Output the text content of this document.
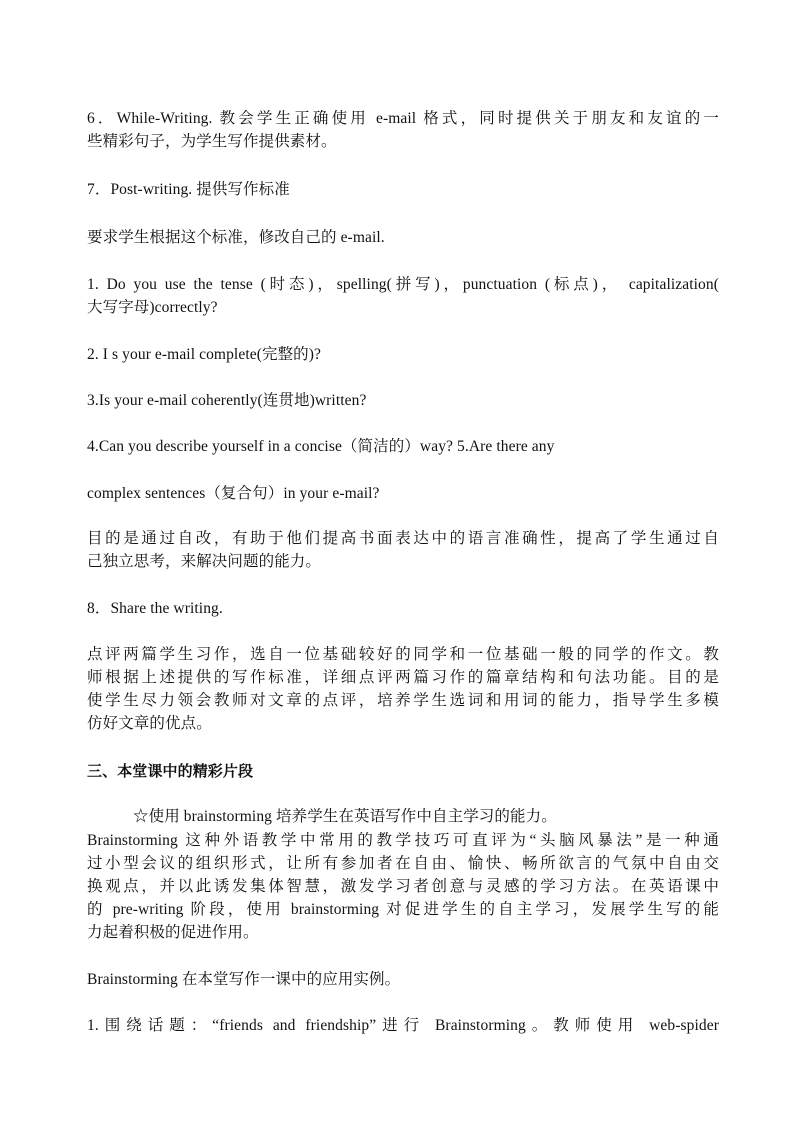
6．While-Writing. 教会学生正确使用 e-mail 格式，同时提供关于朋友和友谊的一
些精彩句子，为学生写作提供素材。
7．Post-writing. 提供写作标准
要求学生根据这个标准，修改自己的 e-mail.
1. Do you use the tense (时态)，spelling(拼写)，punctuation (标点)， capitalization(
大写字母)correctly?
2. I s your e-mail complete(完整的)?
3.Is your e-mail coherently(连贯地)written?
4.Can you describe yourself in a concise（简洁的）way? 5.Are there any
complex sentences（复合句）in your e-mail?
目的是通过自改，有助于他们提高书面表达中的语言准确性，提高了学生通过自
己独立思考，来解决问题的能力。
8．Share the writing.
点评两篇学生习作，选自一位基础较好的同学和一位基础一般的同学的作文。教
师根据上述提供的写作标准，详细点评两篇习作的篇章结构和句法功能。目的是
使学生尽力领会教师对文章的点评，培养学生选词和用词的能力，指导学生多模
仿好文章的优点。
三、本堂课中的精彩片段
☆使用 brainstorming 培养学生在英语写作中自主学习的能力。
Brainstorming 这种外语教学中常用的教学技巧可直评为“头脑风暴法”是一种通
过小型会议的组织形式，让所有参加者在自由、愉快、畅所欲言的气氛中自由交
换观点，并以此诱发集体智慧，激发学习者创意与灵感的学习方法。在英语课中
的 pre-writing 阶段，使用 brainstorming 对促进学生的自主学习，发展学生写的能
力起着积极的促进作用。
Brainstorming 在本堂写作一课中的应用实例。
1.围绕话题：“friends and friendship”进行 Brainstorming。教师使用 web-spider
